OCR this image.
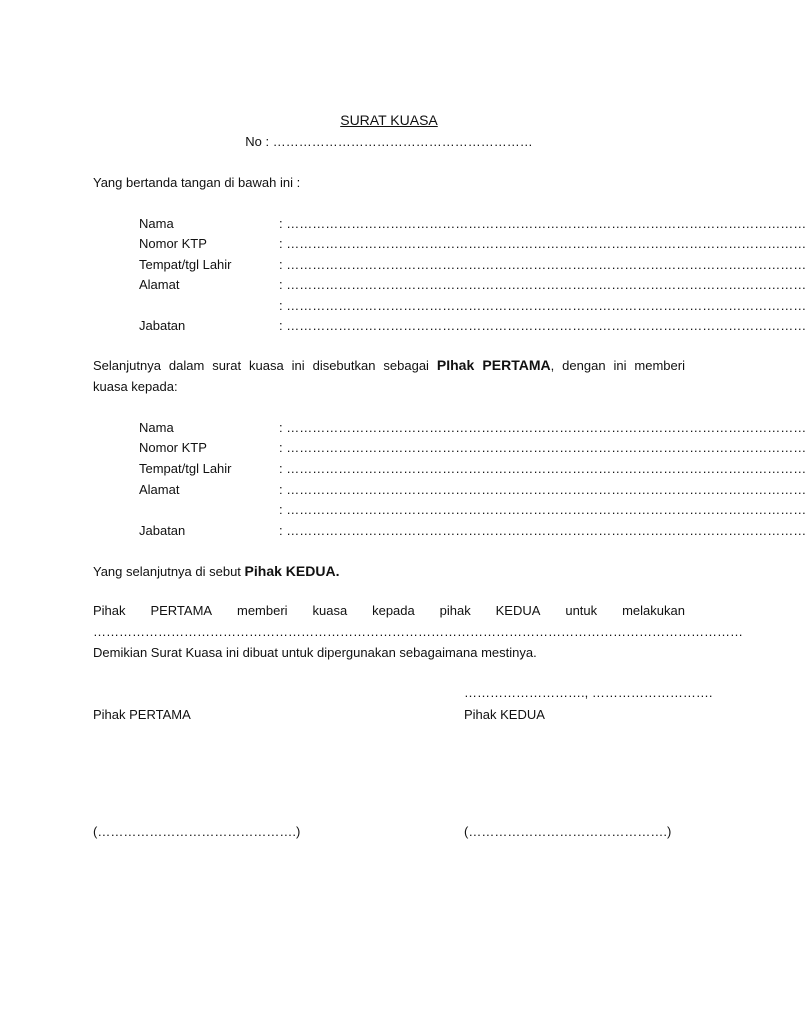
SURAT KUASA
No : ……………………………………………………
Yang bertanda tangan di bawah ini :
Nama	: …………………………………………………………………………………………………………
Nomor KTP	: …………………………………………………………………………………………………………
Tempat/tgl Lahir	: …………………………………………………………………………………………………………
Alamat	: …………………………………………………………………………………………………………
: …………………………………………………………………………………………………………
Jabatan	: …………………………………………………………………………………………………………
Selanjutnya dalam surat kuasa ini disebutkan sebagai PIhak PERTAMA, dengan ini memberi
kuasa kepada:
Nama	: …………………………………………………………………………………………………………
Nomor KTP	: …………………………………………………………………………………………………………
Tempat/tgl Lahir	: …………………………………………………………………………………………………………
Alamat	: …………………………………………………………………………………………………………
: …………………………………………………………………………………………………………
Jabatan	: …………………………………………………………………………………………………………
Yang selanjutnya di sebut Pihak KEDUA.
Pihak PERTAMA memberi kuasa kepada pihak KEDUA untuk melakukan
……………………………………………………………………………………………………………………………………
Demikian Surat Kuasa ini dibuat untuk dipergunakan sebagaimana mestinya.
………………………., ……………………….
Pihak PERTAMA	Pihak KEDUA
(……………………………………….)	(……………………………………….)
